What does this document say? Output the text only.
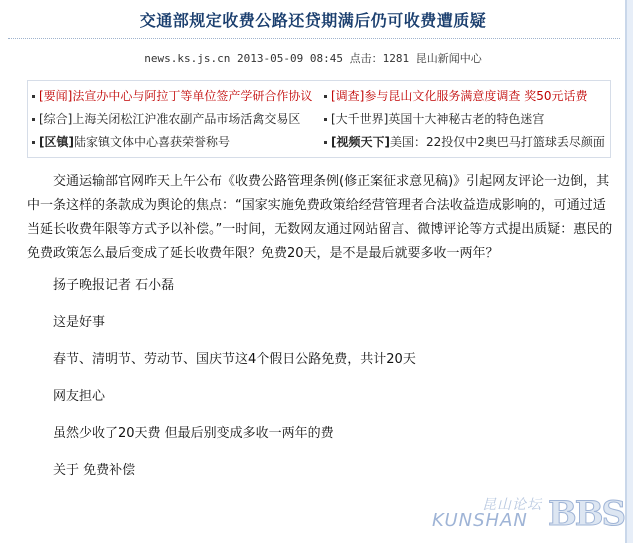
交通部规定收费公路还贷期满后仍可收费遭质疑
news.ks.js.cn 2013-05-09 08:45 点击：1281 昆山新闻中心
[要闻]法宣办中心与阿拉丁等单位签产学研合作协议
[综合]上海关闭松江沪准农副产品市场活禽交易区
[区镇]陆家镇文体中心喜获荣誉称号
[调查]参与昆山文化服务满意度调查 奖50元话费
[大千世界]英国十大神秘古老的特色迷宫
[视频天下]美国：22投仅中2奥巴马打篮球丢尽颜面

交通运输部官网昨天上午公布《收费公路管理条例(修正案征求意见稿)》引起网友评论一边倒，其中一条这样的条款成为舆论的焦点：“国家实施免费政策给经营管理者合法收益造成影响的，可通过适当延长收费年限等方式予以补偿。”一时间，无数网友通过网站留言、微博评论等方式提出质疑：惠民的免费政策怎么最后变成了延长收费年限？免费20天，是不是最后就要多收一两年？

扬子晚报记者 石小磊

这是好事

春节、清明节、劳动节、国庆节这4个假日公路免费，共计20天

网友担心

虽然少收了20天费 但最后别变成多收一两年的费

关于 免费补偿

BBS
昆山论坛
KUNSHAN
